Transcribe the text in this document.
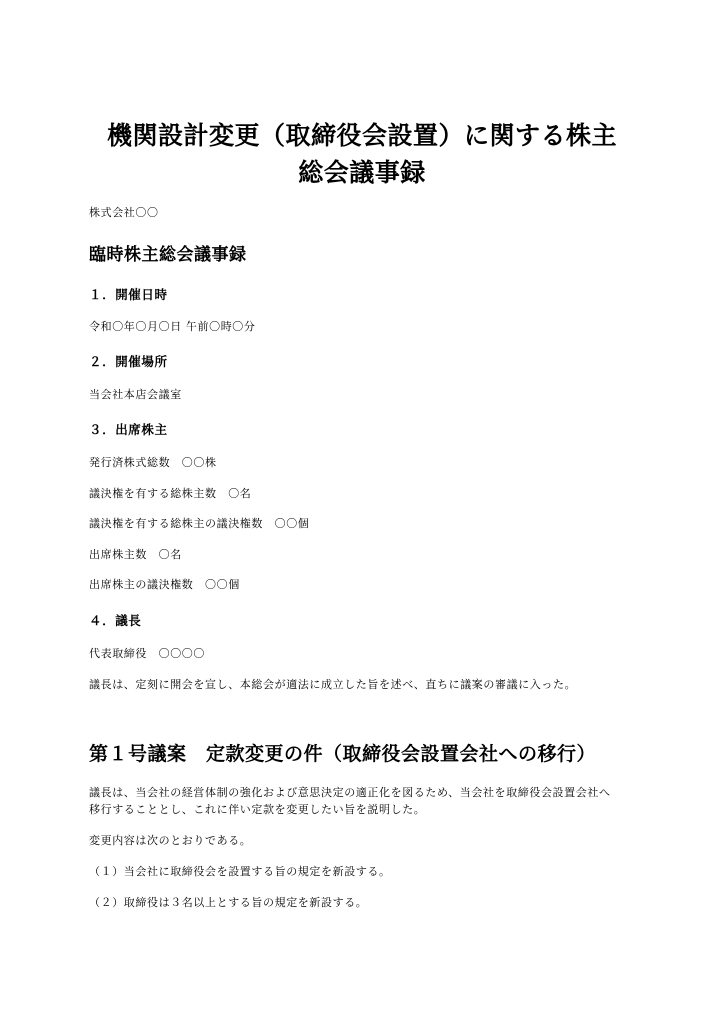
機関設計変更（取締役会設置）に関する株主
総会議事録
株式会社〇〇
臨時株主総会議事録
１．開催日時
令和〇年〇月〇日 午前〇時〇分
２．開催場所
当会社本店会議室
３．出席株主
発行済株式総数　〇〇株
議決権を有する総株主数　〇名
議決権を有する総株主の議決権数　〇〇個
出席株主数　〇名
出席株主の議決権数　〇〇個
４．議長
代表取締役　〇〇〇〇
議長は、定刻に開会を宣し、本総会が適法に成立した旨を述べ、直ちに議案の審議に入った。
第１号議案　定款変更の件（取締役会設置会社への移行）
議長は、当会社の経営体制の強化および意思決定の適正化を図るため、当会社を取締役会設置会社へ
移行することとし、これに伴い定款を変更したい旨を説明した。
変更内容は次のとおりである。
（１）当会社に取締役会を設置する旨の規定を新設する。
（２）取締役は３名以上とする旨の規定を新設する。
